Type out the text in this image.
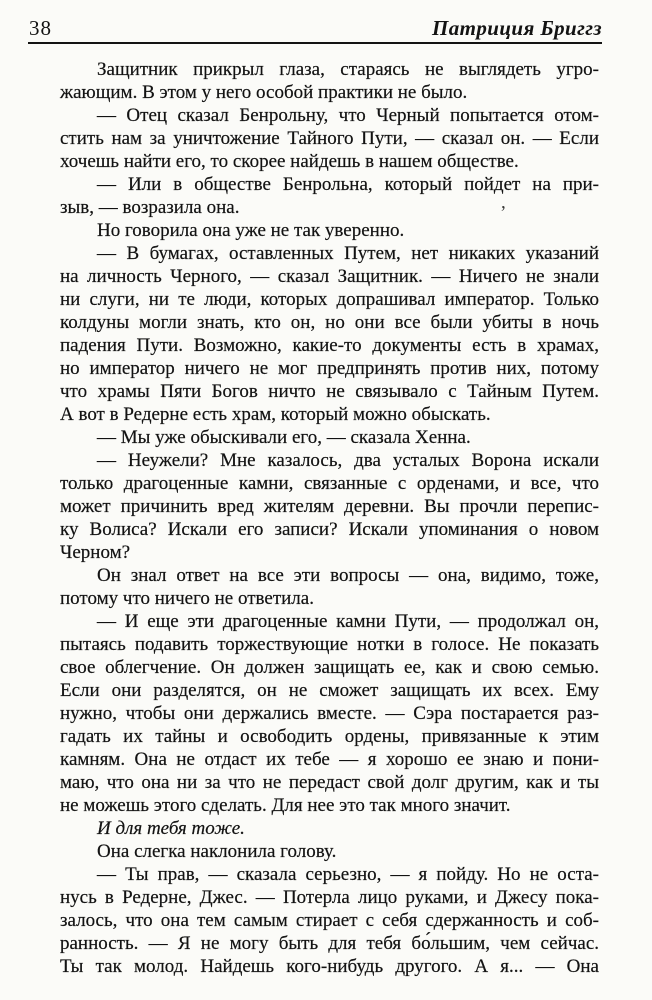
38	Патриция Бриггз

Защитник прикрыл глаза, стараясь не выглядеть угро-
жающим. В этом у него особой практики не было.

— Отец сказал Бенрольну, что Черный попытается отом-
стить нам за уничтожение Тайного Пути, — сказал он. — Если
хочешь найти его, то скорее найдешь в нашем обществе.

— Или в обществе Бенрольна, который пойдет на при-
зыв, — возразила она.

Но говорила она уже не так уверенно.

— В бумагах, оставленных Путем, нет никаких указаний
на личность Черного, — сказал Защитник. — Ничего не знали
ни слуги, ни те люди, которых допрашивал император. Только
колдуны могли знать, кто он, но они все были убиты в ночь
падения Пути. Возможно, какие-то документы есть в храмах,
но император ничего не мог предпринять против них, потому
что храмы Пяти Богов ничто не связывало с Тайным Путем.
А вот в Редерне есть храм, который можно обыскать.

— Мы уже обыскивали его, — сказала Хенна.

— Неужели? Мне казалось, два усталых Ворона искали
только драгоценные камни, связанные с орденами, и все, что
может причинить вред жителям деревни. Вы прочли перепис-
ку Волиса? Искали его записи? Искали упоминания о новом
Черном?

Он знал ответ на все эти вопросы — она, видимо, тоже,
потому что ничего не ответила.

— И еще эти драгоценные камни Пути, — продолжал он,
пытаясь подавить торжествующие нотки в голосе. Не показать
свое облегчение. Он должен защищать ее, как и свою семью.
Если они разделятся, он не сможет защищать их всех. Ему
нужно, чтобы они держались вместе. — Сэра постарается раз-
гадать их тайны и освободить ордены, привязанные к этим
камням. Она не отдаст их тебе — я хорошо ее знаю и пони-
маю, что она ни за что не передаст свой долг другим, как и ты
не можешь этого сделать. Для нее это так много значит.

И для тебя тоже.

Она слегка наклонила голову.

— Ты прав, — сказала серьезно, — я пойду. Но не оста-
нусь в Редерне, Джес. — Потерла лицо руками, и Джесу пока-
залось, что она тем самым стирает с себя сдержанность и соб-
ранность. — Я не могу быть для тебя бо́льшим, чем сейчас.
Ты так молод. Найдешь кого-нибудь другого. А я... — Она

,
